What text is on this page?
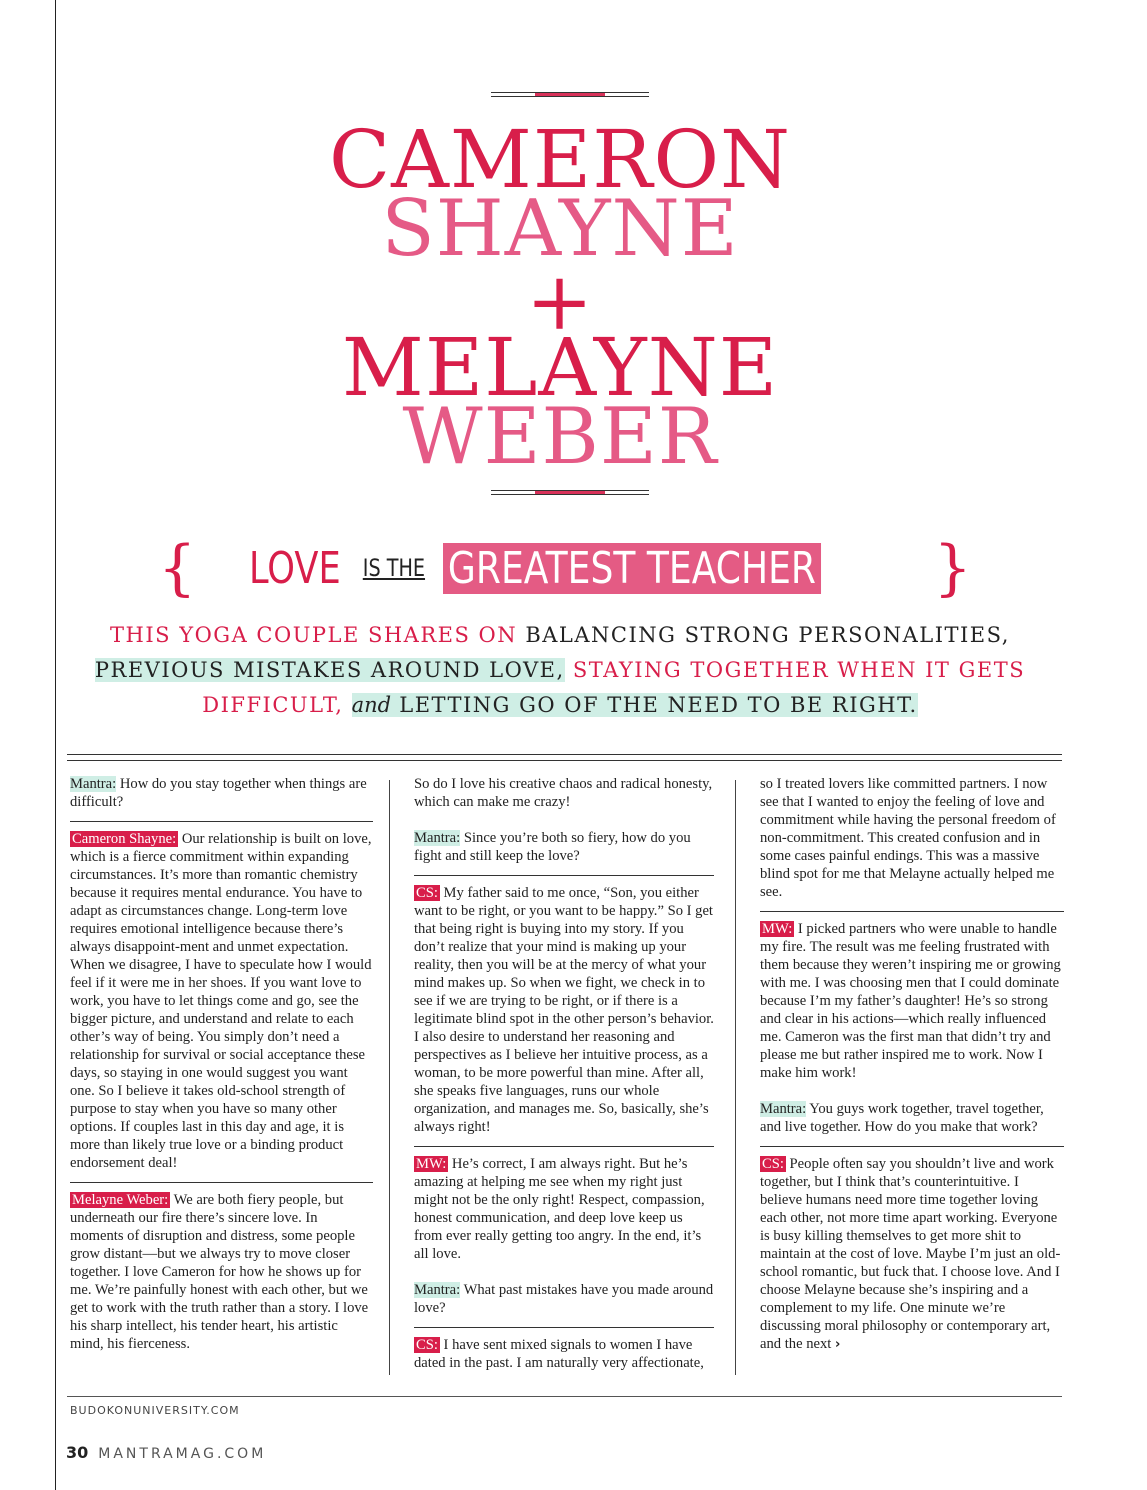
CAMERON
SHAYNE
+
MELAYNE
WEBER
{ LOVE IS THE GREATEST TEACHER }
THIS YOGA COUPLE SHARES ON BALANCING STRONG PERSONALITIES,
PREVIOUS MISTAKES AROUND LOVE, STAYING TOGETHER WHEN IT GETS DIFFICULT, and LETTING GO OF THE NEED TO BE RIGHT.

Mantra: How do you stay together when things are difficult?

Cameron Shayne: Our relationship is built on love, which is a fierce commitment within expanding circumstances. It’s more than romantic chemistry because it requires mental endurance. You have to adapt as circumstances change. Long-term love requires emotional intelligence because there’s always disappoint-ment and unmet expectation. When we disagree, I have to speculate how I would feel if it were me in her shoes. If you want love to work, you have to let things come and go, see the bigger picture, and understand and relate to each other’s way of being. You simply don’t need a relationship for survival or social acceptance these days, so staying in one would suggest you want one. So I believe it takes old-school strength of purpose to stay when you have so many other options. If couples last in this day and age, it is more than likely true love or a binding product endorsement deal!

Melayne Weber: We are both fiery people, but underneath our fire there’s sincere love. In moments of disruption and distress, some people grow distant—but we always try to move closer together. I love Cameron for how he shows up for me. We’re painfully honest with each other, but we get to work with the truth rather than a story. I love his sharp intellect, his tender heart, his artistic mind, his fierceness.

So do I love his creative chaos and radical honesty, which can make me crazy!

Mantra: Since you’re both so fiery, how do you fight and still keep the love?

CS: My father said to me once, “Son, you either want to be right, or you want to be happy.” So I get that being right is buying into my story. If you don’t realize that your mind is making up your reality, then you will be at the mercy of what your mind makes up. So when we fight, we check in to see if we are trying to be right, or if there is a legitimate blind spot in the other person’s behavior. I also desire to understand her reasoning and perspectives as I believe her intuitive process, as a woman, to be more powerful than mine. After all, she speaks five languages, runs our whole organization, and manages me. So, basically, she’s always right!

MW: He’s correct, I am always right. But he’s amazing at helping me see when my right just might not be the only right! Respect, compassion, honest communication, and deep love keep us from ever really getting too angry. In the end, it’s all love.

Mantra: What past mistakes have you made around love?

CS: I have sent mixed signals to women I have dated in the past. I am naturally very affectionate,

so I treated lovers like committed partners. I now see that I wanted to enjoy the feeling of love and commitment while having the personal freedom of non-commitment. This created confusion and in some cases painful endings. This was a massive blind spot for me that Melayne actually helped me see.

MW: I picked partners who were unable to handle my fire. The result was me feeling frustrated with them because they weren’t inspiring me or growing with me. I was choosing men that I could dominate because I’m my father’s daughter! He’s so strong and clear in his actions—which really influenced me. Cameron was the first man that didn’t try and please me but rather inspired me to work. Now I make him work!

Mantra: You guys work together, travel together, and live together. How do you make that work?

CS: People often say you shouldn’t live and work together, but I think that’s counterintuitive. I believe humans need more time together loving each other, not more time apart working. Everyone is busy killing themselves to get more shit to maintain at the cost of love. Maybe I’m just an old-school romantic, but fuck that. I choose love. And I choose Melayne because she’s inspiring and a complement to my life. One minute we’re discussing moral philosophy or contemporary art, and the next ›

BUDOKONUNIVERSITY.COM
30 MANTRAMAG.COM
